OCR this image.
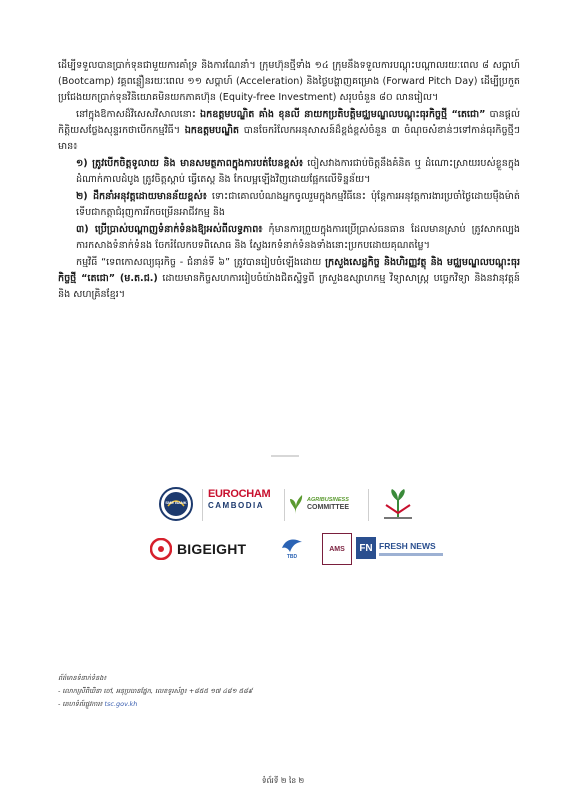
ដើម្បីទទួលបានប្រាក់ទុនជាមួយការគាំទ្រ និងការណែនាំ។ ក្រុមហ៊ុនថ្មីទាំង ១៤ ក្រុមនឹងទទួលការបណ្តុះបណ្តាលរយៈពេល ៨ សប្តាហ៍ (Bootcamp) វគ្គពន្លឿនរយៈពេល ១១ សប្តាហ៍ (Acceleration) និងថ្ងៃបង្ហាញគម្រោង (Forward Pitch Day) ដើម្បីប្រកួតប្រជែងយកប្រាក់ទុនវិនិយោគមិនយកភាគហ៊ុន (Equity-free Investment) សរុបចំនួន ៨០ លានរៀល។

នៅក្នុងឱកាសដ៏វិសេសវិសាលនោះ ឯកឧត្តមបណ្ឌិត គាំង ខុនលី នាយកប្រតិបត្តិមជ្ឈមណ្ឌលបណ្តុះធុរកិច្ចថ្មី “តេជោ” បានផ្តល់កិត្តិយសថ្លែងសុន្ទរកថាបើកកម្មវិធី។ ឯកឧត្តមបណ្ឌិត បានចែករំលែកអនុសាសន៍ដ៏ខ្ពង់ខ្ពស់ចំនួន ៣ ចំណុចសំខាន់ៗទៅកាន់ធុរកិច្ចថ្មីៗមាន៖

១) ត្រូវបើកចិត្តទូលាយ និង មានសមត្ថភាពក្នុងការបត់បែនខ្ពស់៖ ចៀសវាងការជាប់ចិត្តនឹងគំនិត ឬ ដំណោះស្រាយរបស់ខ្លួនក្នុងដំណាក់កាលដំបូង ត្រូវចិត្តស្តាប់ ធ្វើតេស្ត និង កែលម្អឡើងវិញដោយផ្អែកលើទិន្នន័យ។

២) ដឹកនាំអនុវត្តដោយមានន័យខ្ពស់៖ ទោះជាគោលបំណងអ្នកចូលរួមក្នុងកម្មវិធីនេះ ប៉ុន្តែការអនុវត្តការងារប្រចាំថ្ងៃដោយម៉ឺងម៉ាត់ ទើបជាកត្តាជំរុញការរីកចម្រើនអាជីវកម្ម និង

៣) ប្រើប្រាស់បណ្តាញទំនាក់ទំនងឱ្យអស់ពីលទ្ធភាព៖ កុំមានការព្រួយក្នុងការប្រើប្រាស់ធនធាន ដែលមានស្រាប់ ត្រូវសាកល្បងការកសាងទំនាក់ទំនង ចែករំលែកបទពិសោធ និង ស្វែងរកទំនាក់ទំនងទាំងនោះប្រកបដោយគុណតម្លៃ។

កម្មវិធី “ទេពកោសល្យធុរកិច្ច - ជំនាន់ទី ៦” ត្រូវបានរៀបចំឡើងដោយ ក្រសួងសេដ្ឋកិច្ច និងហិរញ្ញវត្ថុ និង មជ្ឈមណ្ឌលបណ្តុះធុរកិច្ចថ្មី “តេជោ” (ម.ត.ជ.) ដោយមានកិច្ចសហការរៀបចំយ៉ាងជិតស្និទ្ធពី ក្រសួងឧស្សាហកម្ម វិទ្យាសាស្ត្រ បច្ចេកវិទ្យា និងនវានុវត្តន៍ និង សហគ្រិនខ្មែរ។

SME BANK
EUROCHAM
CAMBODIA
AGRIBUSINESS
COMMITTEE
BIGEIGHT	TBD
AMS	FN FRESH NEWS
ព័ត៌មានទំនាក់ទំនង៖
- លោកស្រីពិឃិនា ចៅ, អនុប្រធានផ្នែក, លេខទូរស័ព្ទ៖ +៨៥៥ ១៧ ៤៨១ ៥៨៩
- គេហទំព័រផ្លូវការ៖ tsc.gov.kh
ទំព័រទី ២ នៃ ២
